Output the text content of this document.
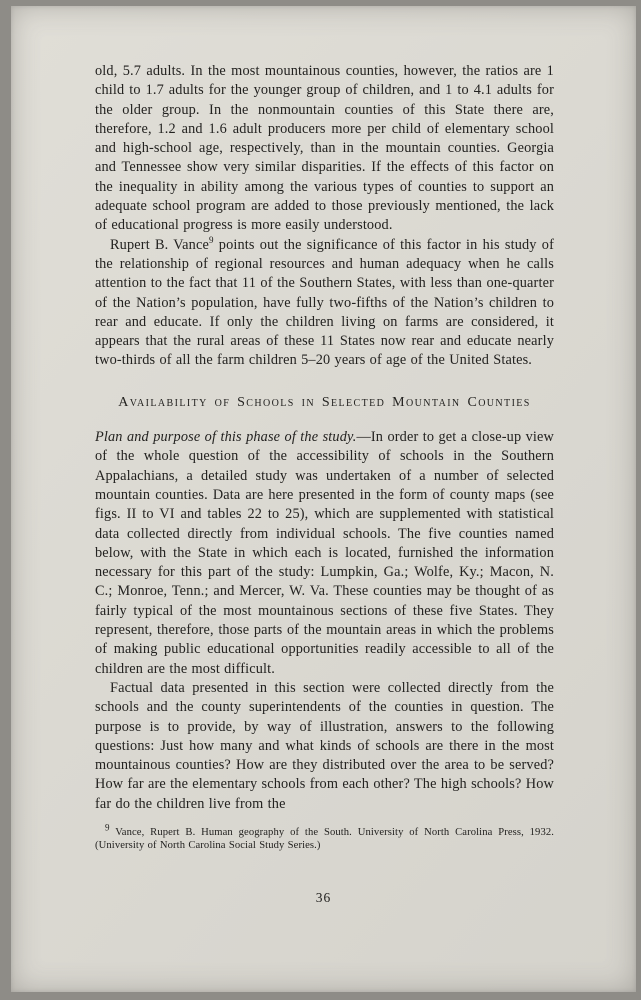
old, 5.7 adults. In the most mountainous counties, however, the ratios are 1 child to 1.7 adults for the younger group of children, and 1 to 4.1 adults for the older group. In the nonmountain counties of this State there are, therefore, 1.2 and 1.6 adult producers more per child of elementary school and high-school age, respectively, than in the mountain counties. Georgia and Tennessee show very similar disparities. If the effects of this factor on the inequality in ability among the various types of counties to support an adequate school program are added to those previously mentioned, the lack of educational progress is more easily understood.

Rupert B. Vance$^9$ points out the significance of this factor in his study of the relationship of regional resources and human adequacy when he calls attention to the fact that 11 of the Southern States, with less than one-quarter of the Nation’s population, have fully two-fifths of the Nation’s children to rear and educate. If only the children living on farms are considered, it appears that the rural areas of these 11 States now rear and educate nearly two-thirds of all the farm children 5–20 years of age of the United States.

Availability of Schools in Selected Mountain Counties

Plan and purpose of this phase of the study.—In order to get a close-up view of the whole question of the accessibility of schools in the Southern Appalachians, a detailed study was undertaken of a number of selected mountain counties. Data are here presented in the form of county maps (see figs. II to VI and tables 22 to 25), which are supplemented with statistical data collected directly from individual schools. The five counties named below, with the State in which each is located, furnished the information necessary for this part of the study: Lumpkin, Ga.; Wolfe, Ky.; Macon, N. C.; Monroe, Tenn.; and Mercer, W. Va. These counties may be thought of as fairly typical of the most mountainous sections of these five States. They represent, therefore, those parts of the mountain areas in which the problems of making public educational opportunities readily accessible to all of the children are the most difficult.

Factual data presented in this section were collected directly from the schools and the county superintendents of the counties in question. The purpose is to provide, by way of illustration, answers to the following questions: Just how many and what kinds of schools are there in the most mountainous counties? How are they distributed over the area to be served? How far are the elementary schools from each other? The high schools? How far do the children live from the

$^9$ Vance, Rupert B. Human geography of the South. University of North Carolina Press, 1932. (University of North Carolina Social Study Series.)
36
